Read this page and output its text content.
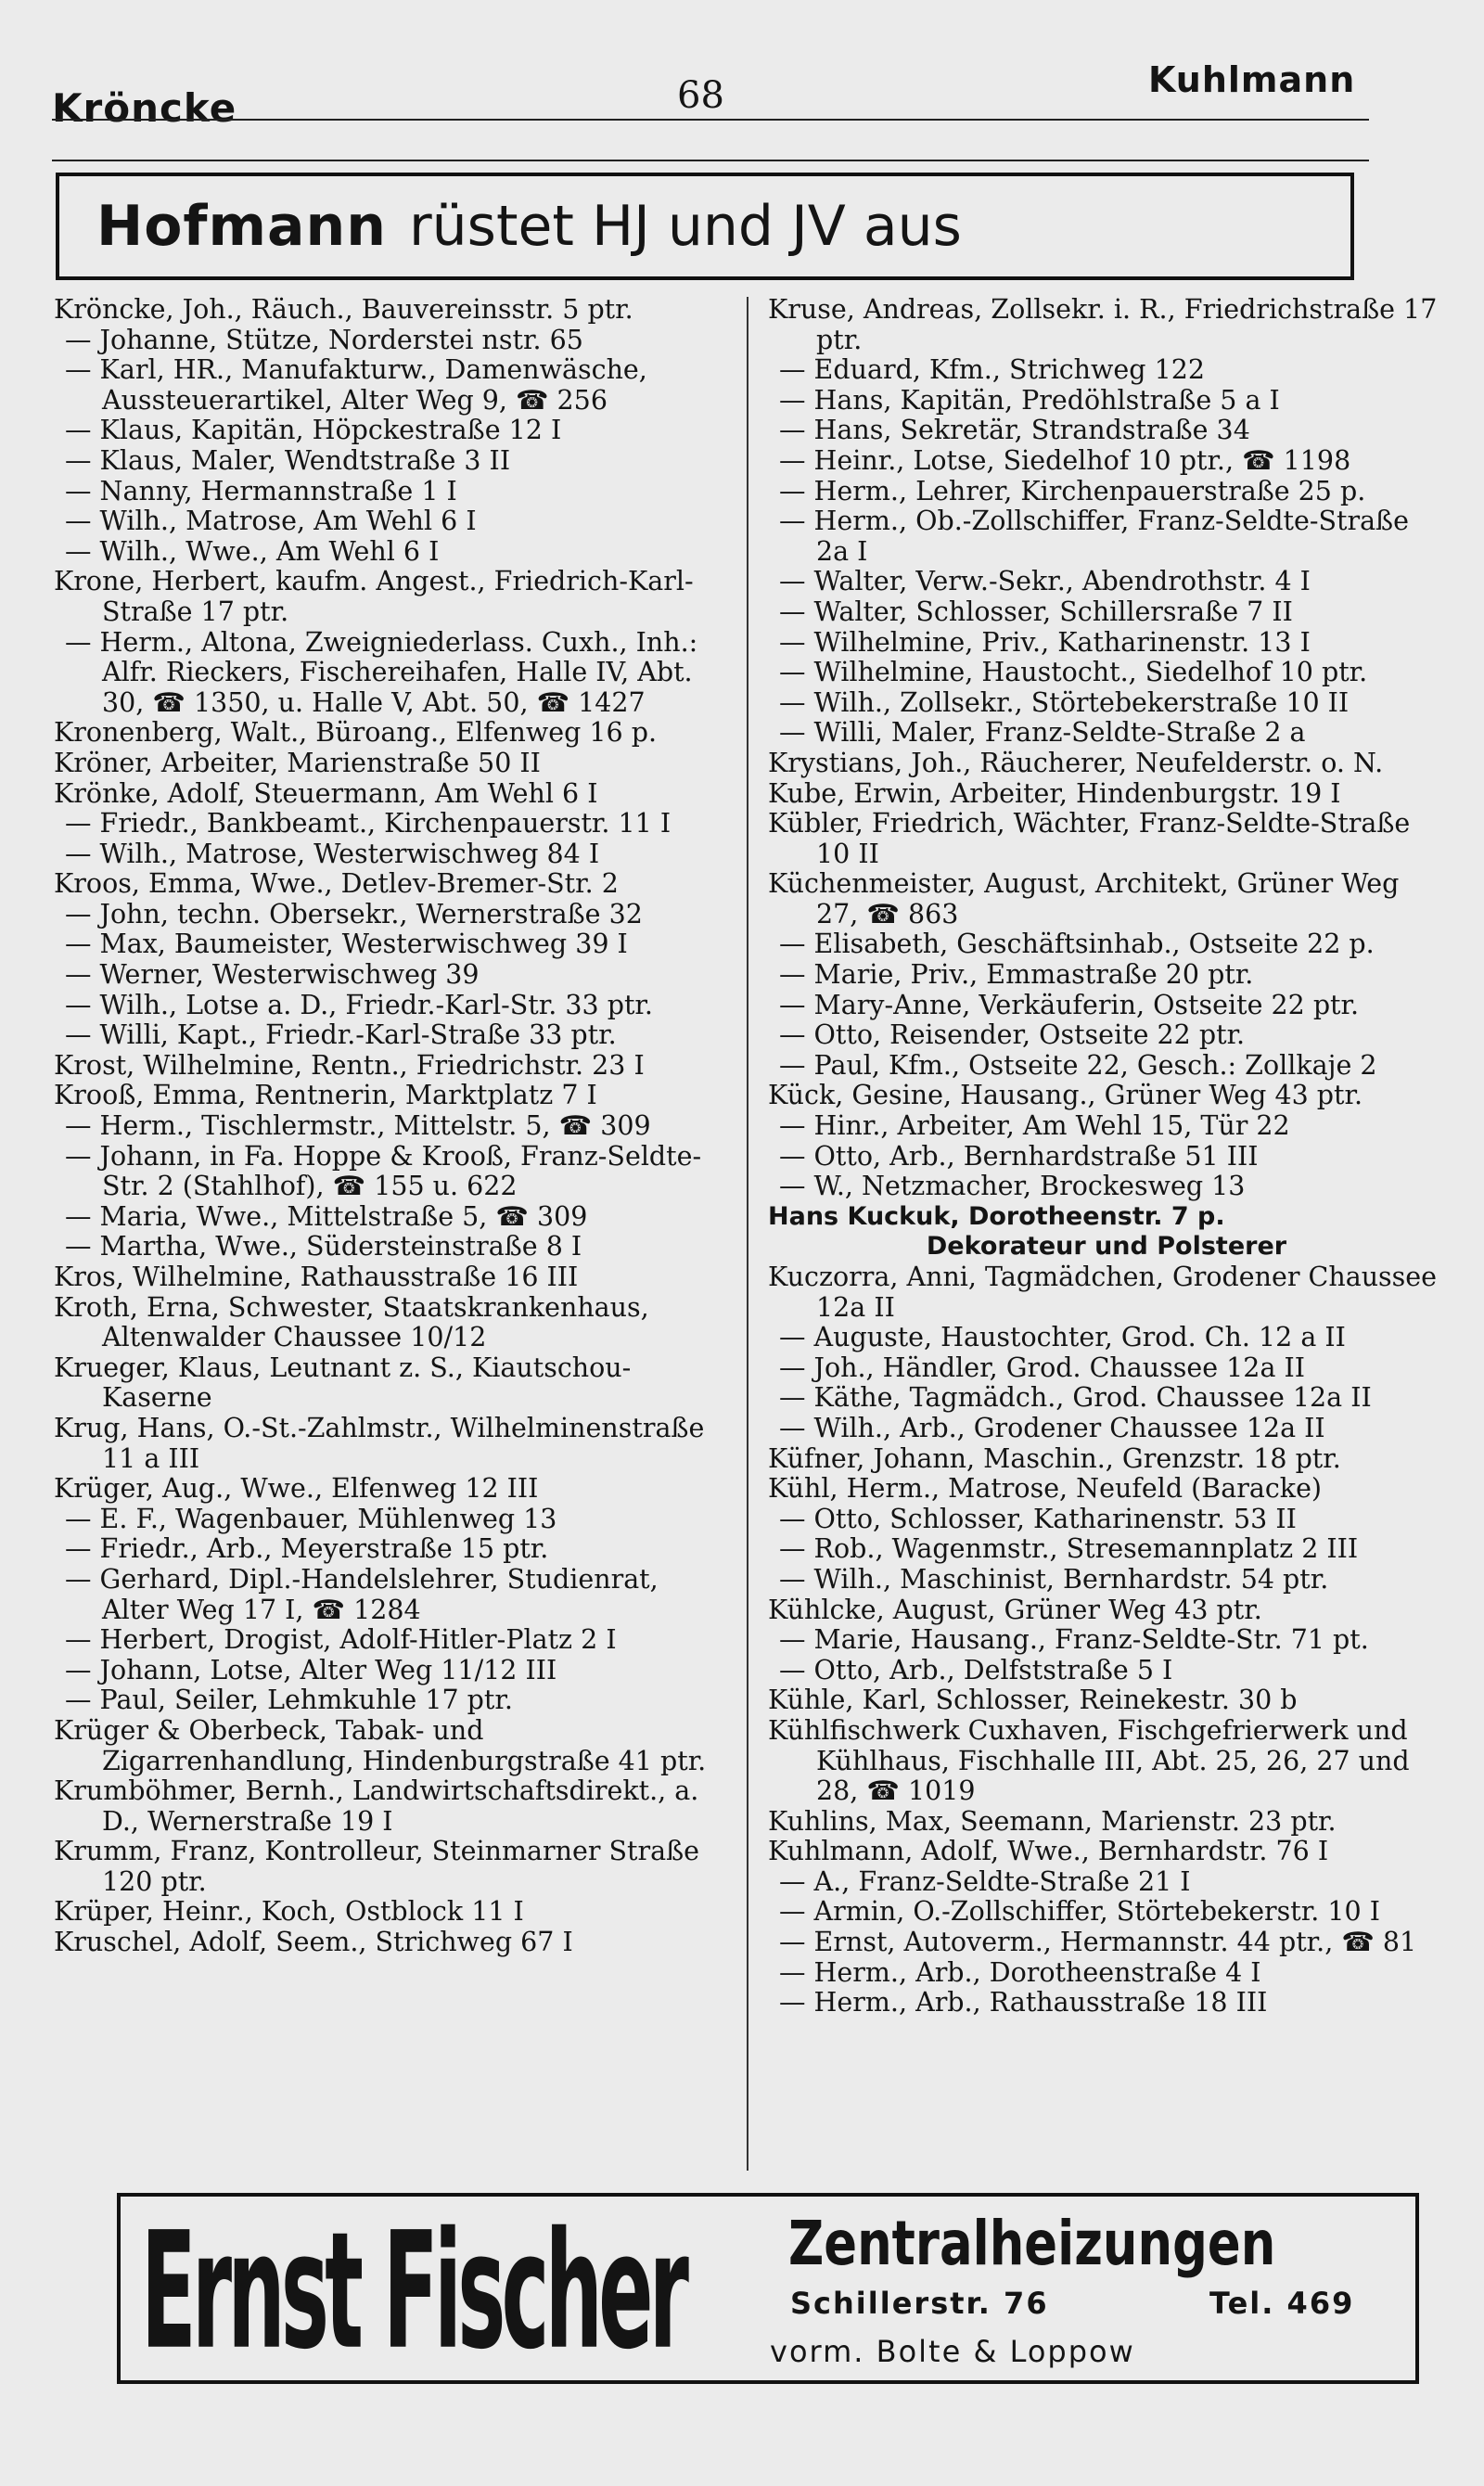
Kröncke	68	Kuhlmann
Hofmann rüstet HJ und JV aus

Kröncke, Joh., Räuch., Bauvereinsstr. 5 ptr.

— Johanne, Stütze, Norderstei nstr. 65

— Karl, HR., Manufakturw., Damenwäsche, Aussteuerartikel, Alter Weg 9, ☎ 256

— Klaus, Kapitän, Höpckestraße 12 I

— Klaus, Maler, Wendtstraße 3 II

— Nanny, Hermannstraße 1 I

— Wilh., Matrose, Am Wehl 6 I

— Wilh., Wwe., Am Wehl 6 I

Krone, Herbert, kaufm. Angest., Friedrich-Karl-Straße 17 ptr.

— Herm., Altona, Zweigniederlass. Cuxh., Inh.: Alfr. Rieckers, Fischereihafen, Halle IV, Abt. 30, ☎ 1350, u. Halle V, Abt. 50, ☎ 1427

Kronenberg, Walt., Büroang., Elfenweg 16 p.

Kröner, Arbeiter, Marienstraße 50 II

Krönke, Adolf, Steuermann, Am Wehl 6 I

— Friedr., Bankbeamt., Kirchenpauerstr. 11 I

— Wilh., Matrose, Westerwischweg 84 I

Kroos, Emma, Wwe., Detlev-Bremer-Str. 2

— John, techn. Obersekr., Wernerstraße 32

— Max, Baumeister, Westerwischweg 39 I

— Werner, Westerwischweg 39

— Wilh., Lotse a. D., Friedr.-Karl-Str. 33 ptr.

— Willi, Kapt., Friedr.-Karl-Straße 33 ptr.

Krost, Wilhelmine, Rentn., Friedrichstr. 23 I

Krooß, Emma, Rentnerin, Marktplatz 7 I

— Herm., Tischlermstr., Mittelstr. 5, ☎ 309

— Johann, in Fa. Hoppe & Krooß, Franz-Seldte-Str. 2 (Stahlhof), ☎ 155 u. 622

— Maria, Wwe., Mittelstraße 5, ☎ 309

— Martha, Wwe., Südersteinstraße 8 I

Kros, Wilhelmine, Rathausstraße 16 III

Kroth, Erna, Schwester, Staatskrankenhaus, Altenwalder Chaussee 10/12

Krueger, Klaus, Leutnant z. S., Kiautschou-Kaserne

Krug, Hans, O.-St.-Zahlmstr., Wilhelminenstraße 11 a III

Krüger, Aug., Wwe., Elfenweg 12 III

— E. F., Wagenbauer, Mühlenweg 13

— Friedr., Arb., Meyerstraße 15 ptr.

— Gerhard, Dipl.-Handelslehrer, Studienrat, Alter Weg 17 I, ☎ 1284

— Herbert, Drogist, Adolf-Hitler-Platz 2 I

— Johann, Lotse, Alter Weg 11/12 III

— Paul, Seiler, Lehmkuhle 17 ptr.

Krüger & Oberbeck, Tabak- und Zigarrenhandlung, Hindenburgstraße 41 ptr.

Krumböhmer, Bernh., Landwirtschaftsdirekt., a. D., Wernerstraße 19 I

Krumm, Franz, Kontrolleur, Steinmarner Straße 120 ptr.

Krüper, Heinr., Koch, Ostblock 11 I

Kruschel, Adolf, Seem., Strichweg 67 I

Kruse, Andreas, Zollsekr. i. R., Friedrichstraße 17 ptr.

— Eduard, Kfm., Strichweg 122

— Hans, Kapitän, Predöhlstraße 5 a I

— Hans, Sekretär, Strandstraße 34

— Heinr., Lotse, Siedelhof 10 ptr., ☎ 1198

— Herm., Lehrer, Kirchenpauerstraße 25 p.

— Herm., Ob.-Zollschiffer, Franz-Seldte-Straße 2a I

— Walter, Verw.-Sekr., Abendrothstr. 4 I

— Walter, Schlosser, Schillersraße 7 II

— Wilhelmine, Priv., Katharinenstr. 13 I

— Wilhelmine, Haustocht., Siedelhof 10 ptr.

— Wilh., Zollsekr., Störtebekerstraße 10 II

— Willi, Maler, Franz-Seldte-Straße 2 a

Krystians, Joh., Räucherer, Neufelderstr. o. N.

Kube, Erwin, Arbeiter, Hindenburgstr. 19 I

Kübler, Friedrich, Wächter, Franz-Seldte-Straße 10 II

Küchenmeister, August, Architekt, Grüner Weg 27, ☎ 863

— Elisabeth, Geschäftsinhab., Ostseite 22 p.

— Marie, Priv., Emmastraße 20 ptr.

— Mary-Anne, Verkäuferin, Ostseite 22 ptr.

— Otto, Reisender, Ostseite 22 ptr.

— Paul, Kfm., Ostseite 22, Gesch.: Zollkaje 2

Kück, Gesine, Hausang., Grüner Weg 43 ptr.

— Hinr., Arbeiter, Am Wehl 15, Tür 22

— Otto, Arb., Bernhardstraße 51 III

— W., Netzmacher, Brockesweg 13

Hans Kuckuk, Dorotheenstr. 7 p.

Dekorateur und Polsterer

Kuczorra, Anni, Tagmädchen, Grodener Chaussee 12a II

— Auguste, Haustochter, Grod. Ch. 12 a II

— Joh., Händler, Grod. Chaussee 12a II

— Käthe, Tagmädch., Grod. Chaussee 12a II

— Wilh., Arb., Grodener Chaussee 12a II

Küfner, Johann, Maschin., Grenzstr. 18 ptr.

Kühl, Herm., Matrose, Neufeld (Baracke)

— Otto, Schlosser, Katharinenstr. 53 II

— Rob., Wagenmstr., Stresemannplatz 2 III

— Wilh., Maschinist, Bernhardstr. 54 ptr.

Kühlcke, August, Grüner Weg 43 ptr.

— Marie, Hausang., Franz-Seldte-Str. 71 pt.

— Otto, Arb., Delfststraße 5 I

Kühle, Karl, Schlosser, Reinekestr. 30 b

Kühlfischwerk Cuxhaven, Fischgefrierwerk und Kühlhaus, Fischhalle III, Abt. 25, 26, 27 und 28, ☎ 1019

Kuhlins, Max, Seemann, Marienstr. 23 ptr.

Kuhlmann, Adolf, Wwe., Bernhardstr. 76 I

— A., Franz-Seldte-Straße 21 I

— Armin, O.-Zollschiffer, Störtebekerstr. 10 I

— Ernst, Autoverm., Hermannstr. 44 ptr., ☎ 81

— Herm., Arb., Dorotheenstraße 4 I

— Herm., Arb., Rathausstraße 18 III

Ernst Fischer Zentralheizungen
Schillerstr. 76	Tel. 469
vorm. Bolte & Loppow
